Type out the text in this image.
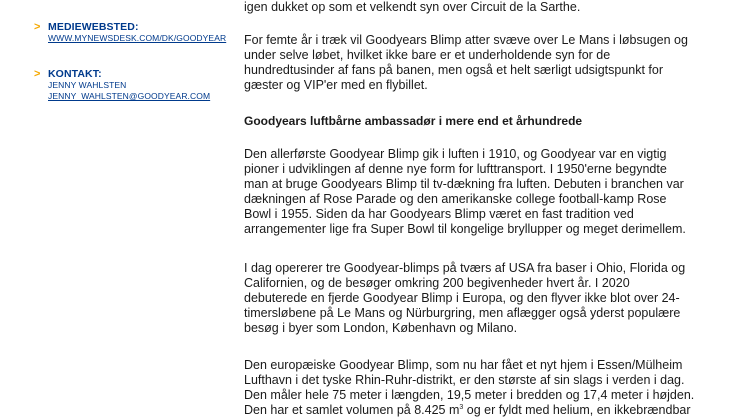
> MEDIEWEBSTED:
WWW.MYNEWSDESK.COM/DK/GOODYEAR
> KONTAKT:
JENNY WAHLSTEN
JENNY_WAHLSTEN@GOODYEAR.COM

igen dukket op som et velkendt syn over Circuit de la Sarthe.

For femte år i træk vil Goodyears Blimp atter svæve over Le Mans i løbsugen og
under selve løbet, hvilket ikke bare er et underholdende syn for de
hundredtusinder af fans på banen, men også et helt særligt udsigtspunkt for
gæster og VIP'er med en flybillet.

Goodyears luftbårne ambassadør i mere end et århundrede

Den allerførste Goodyear Blimp gik i luften i 1910, og Goodyear var en vigtig
pioner i udviklingen af denne nye form for lufttransport. I 1950'erne begyndte
man at bruge Goodyears Blimp til tv-dækning fra luften. Debuten i branchen var
dækningen af Rose Parade og den amerikanske college football-kamp Rose
Bowl i 1955. Siden da har Goodyears Blimp været en fast tradition ved
arrangementer lige fra Super Bowl til kongelige bryllupper og meget derimellem.

I dag opererer tre Goodyear-blimps på tværs af USA fra baser i Ohio, Florida og
Californien, og de besøger omkring 200 begivenheder hvert år. I 2020
debuterede en fjerde Goodyear Blimp i Europa, og den flyver ikke blot over 24-
timersløbene på Le Mans og Nürburgring, men aflægger også yderst populære
besøg i byer som London, København og Milano.

Den europæiske Goodyear Blimp, som nu har fået et nyt hjem i Essen/Mülheim
Lufthavn i det tyske Rhin-Ruhr-distrikt, er den største af sin slags i verden i dag.
Den måler hele 75 meter i længden, 19,5 meter i bredden og 17,4 meter i højden.
Den har et samlet volumen på 8.425 $m^3$ og er fyldt med helium, en ikkebrændbar
